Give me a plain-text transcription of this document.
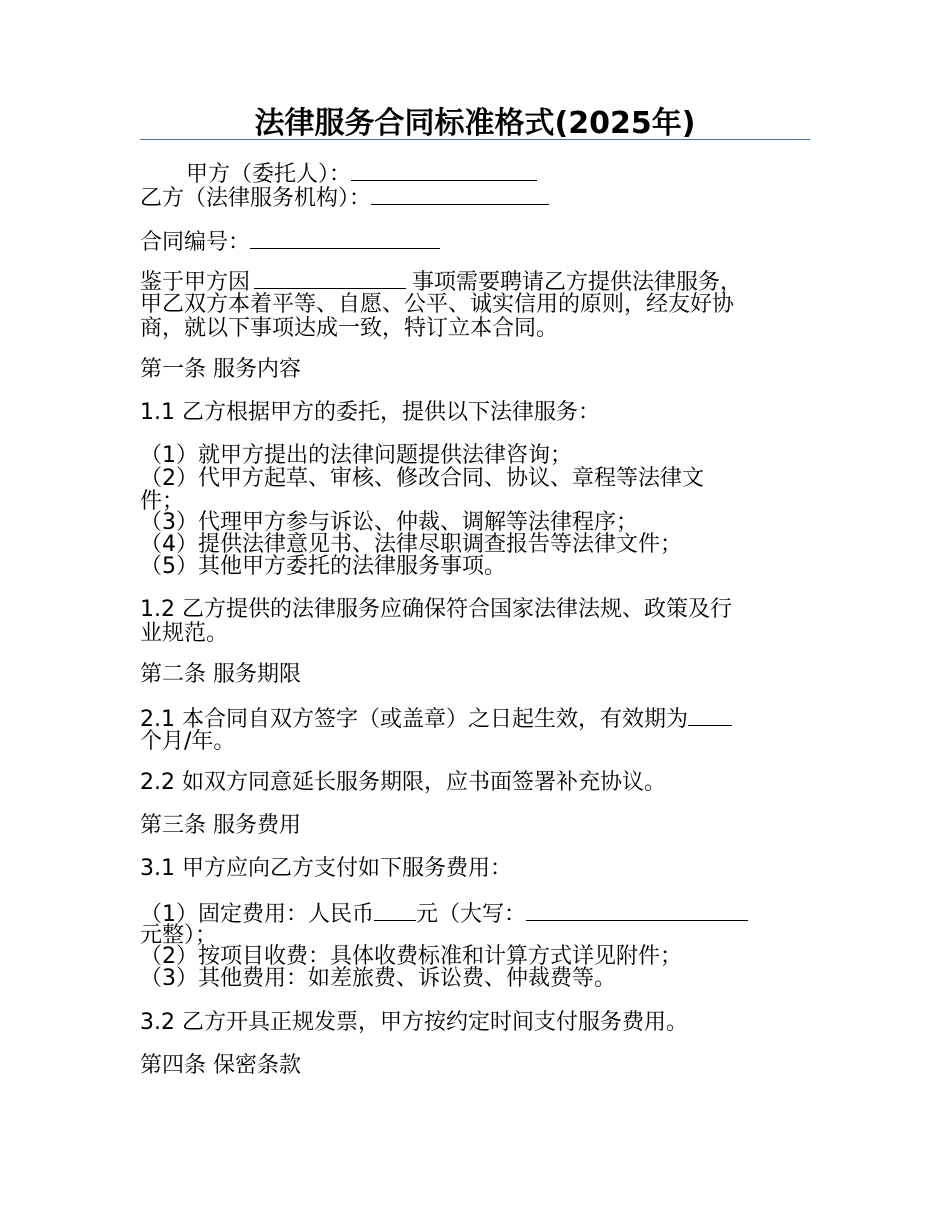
法律服务合同标准格式(2025年)
甲方（委托人）：
乙方（法律服务机构）：
合同编号：
鉴于甲方因	事项需要聘请乙方提供法律服务，
甲乙双方本着平等、自愿、公平、诚实信用的原则，经友好协
商，就以下事项达成一致，特订立本合同。
第一条 服务内容
1.1 乙方根据甲方的委托，提供以下法律服务：
（1）就甲方提出的法律问题提供法律咨询；
（2）代甲方起草、审核、修改合同、协议、章程等法律文
件；
（3）代理甲方参与诉讼、仲裁、调解等法律程序；
（4）提供法律意见书、法律尽职调查报告等法律文件；
（5）其他甲方委托的法律服务事项。
1.2 乙方提供的法律服务应确保符合国家法律法规、政策及行
业规范。
第二条 服务期限
2.1 本合同自双方签字（或盖章）之日起生效，有效期为
个月/年。
2.2 如双方同意延长服务期限，应书面签署补充协议。
第三条 服务费用
3.1 甲方应向乙方支付如下服务费用：
（1）固定费用：人民币 元（大写：
元整）；
（2）按项目收费：具体收费标准和计算方式详见附件；
（3）其他费用：如差旅费、诉讼费、仲裁费等。
3.2 乙方开具正规发票，甲方按约定时间支付服务费用。
第四条 保密条款
